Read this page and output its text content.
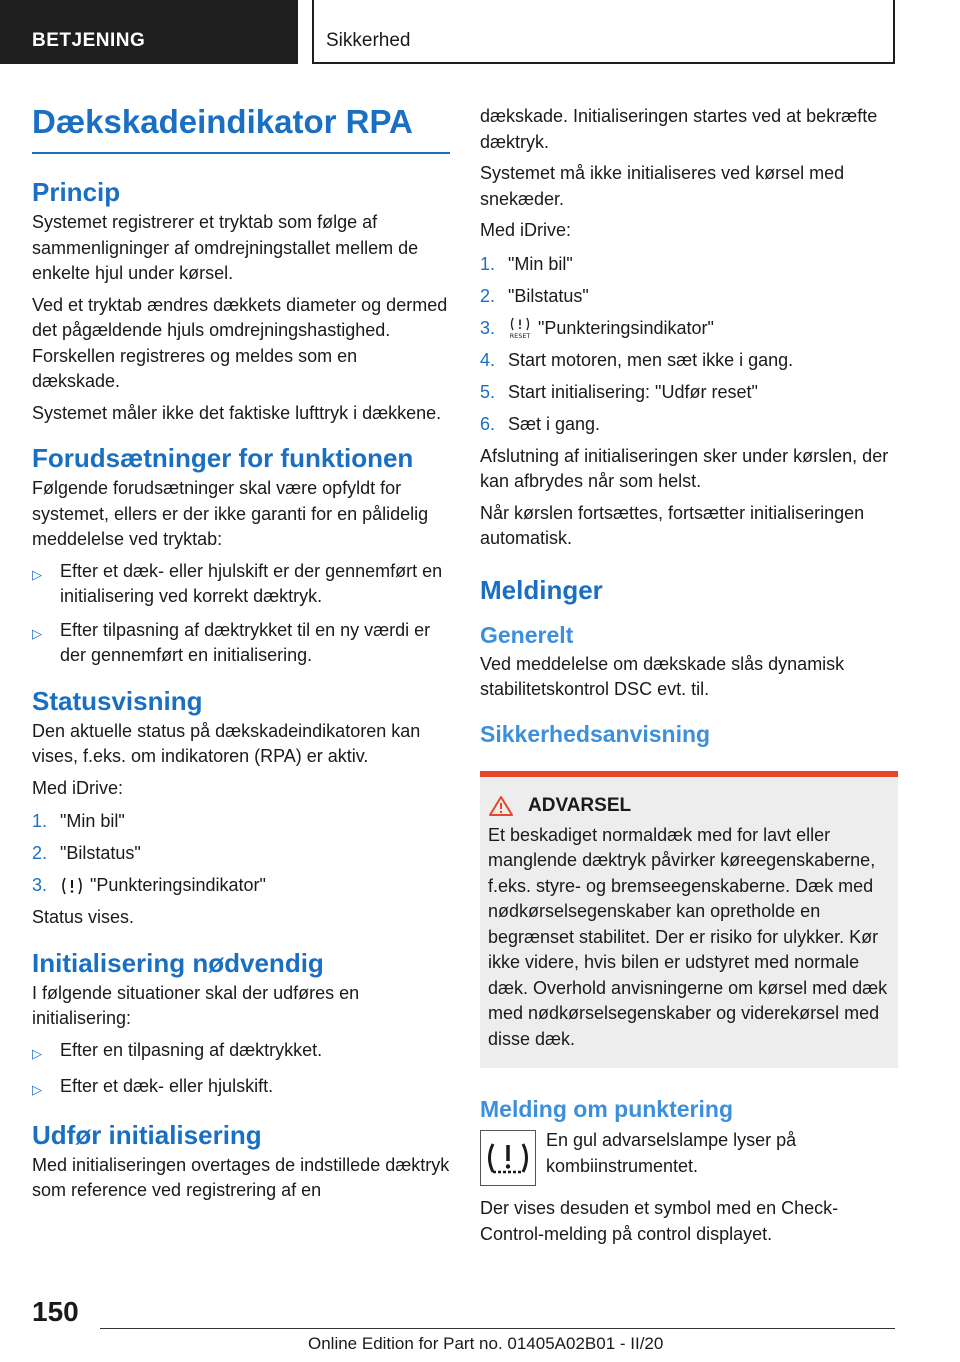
BETJENING	Sikkerhed
Dækskadeindikator RPA
Princip

Systemet registrerer et tryktab som følge af sammenligninger af omdrejningstallet mellem de enkelte hjul under kørsel.

Ved et tryktab ændres dækkets diameter og dermed det pågældende hjuls omdrejningshastighed. Forskellen registreres og meldes som en dækskade.

Systemet måler ikke det faktiske lufttryk i dækkene.

Forudsætninger for funktionen

Følgende forudsætninger skal være opfyldt for systemet, ellers er der ikke garanti for en pålidelig meddelelse ved tryktab:

▷	Efter et dæk- eller hjulskift er der gennemført en initialisering ved korrekt dæktryk.
▷	Efter tilpasning af dæktrykket til en ny værdi er der gennemført en initialisering.
Statusvisning

Den aktuelle status på dækskadeindikatoren kan vises, f.eks. om indikatoren (RPA) er aktiv.

Med iDrive:

1. "Min bil"
2. "Bilstatus"
3.	"Punkteringsindikator"

Status vises.

Initialisering nødvendig

I følgende situationer skal der udføres en initialisering:

▷	Efter en tilpasning af dæktrykket.
▷	Efter et dæk- eller hjulskift.
Udfør initialisering

Med initialiseringen overtages de indstillede dæktryk som reference ved registrering af en

dækskade. Initialiseringen startes ved at bekræfte dæktryk.

Systemet må ikke initialiseres ved kørsel med snekæder.

Med iDrive:

1. "Min bil"
2. "Bilstatus"
3.	RESET "Punkteringsindikator"
4. Start motoren, men sæt ikke i gang.
5. Start initialisering: "Udfør reset"
6. Sæt i gang.

Afslutning af initialiseringen sker under kørslen, der kan afbrydes når som helst.

Når kørslen fortsættes, fortsætter initialiseringen automatisk.

Meldinger
Generelt

Ved meddelelse om dækskade slås dynamisk stabilitetskontrol DSC evt. til.

Sikkerhedsanvisning
ADVARSEL

Et beskadiget normaldæk med for lavt eller manglende dæktryk påvirker køreegenskaberne, f.eks. styre- og bremseegenskaberne. Dæk med nødkørselsegenskaber kan opretholde en begrænset stabilitet. Der er risiko for ulykker. Kør ikke videre, hvis bilen er udstyret med normale dæk. Overhold anvisningerne om kørsel med dæk med nødkørselsegenskaber og viderekørsel med disse dæk.

Melding om punktering

En gul advarselslampe lyser på kombiinstrumentet.

Der vises desuden et symbol med en Check-Control-melding på control displayet.

150
Online Edition for Part no. 01405A02B01 - II/20
